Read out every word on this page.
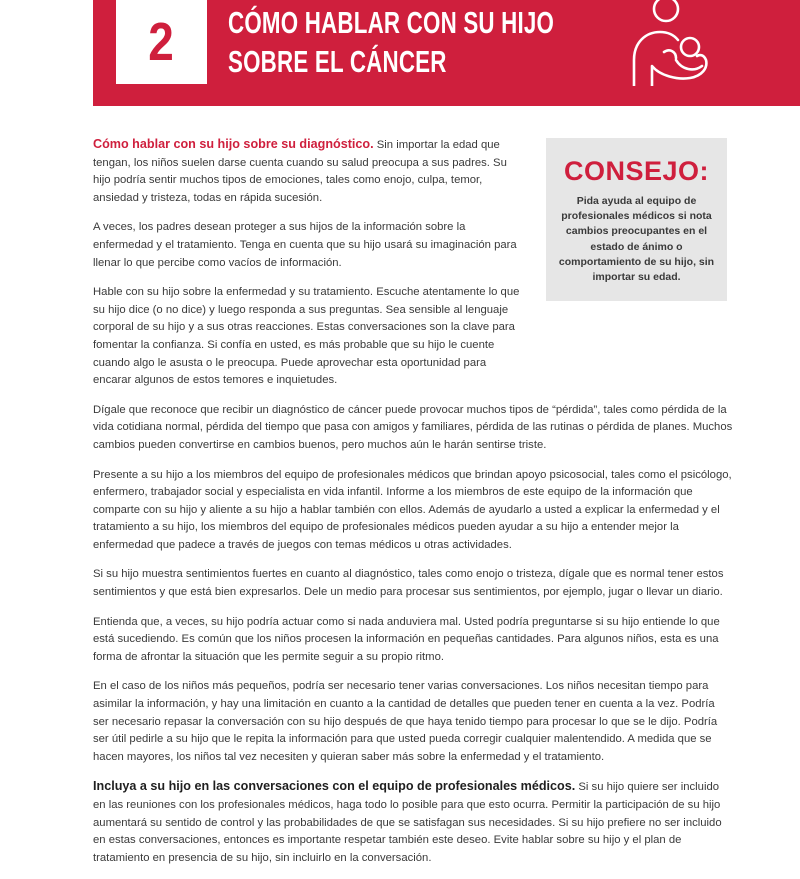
2 CÓMO HABLAR CON SU HIJO
SOBRE EL CÁNCER

CONSEJO:

Pida ayuda al equipo de profesionales médicos si nota cambios preocupantes en el estado de ánimo o comportamiento de su hijo, sin importar su edad.

Cómo hablar con su hijo sobre su diagnóstico. Sin importar la edad que tengan, los niños suelen darse cuenta cuando su salud preocupa a sus padres. Su hijo podría sentir muchos tipos de emociones, tales como enojo, culpa, temor, ansiedad y tristeza, todas en rápida sucesión.

A veces, los padres desean proteger a sus hijos de la información sobre la enfermedad y el tratamiento. Tenga en cuenta que su hijo usará su imaginación para llenar lo que percibe como vacíos de información.

Hable con su hijo sobre la enfermedad y su tratamiento. Escuche atentamente lo que su hijo dice (o no dice) y luego responda a sus preguntas. Sea sensible al lenguaje corporal de su hijo y a sus otras reacciones. Estas conversaciones son la clave para fomentar la confianza. Si confía en usted, es más probable que su hijo le cuente cuando algo le asusta o le preocupa. Puede aprovechar esta oportunidad para encarar algunos de estos temores e inquietudes.

Dígale que reconoce que recibir un diagnóstico de cáncer puede provocar muchos tipos de “pérdida”, tales como pérdida de la vida cotidiana normal, pérdida del tiempo que pasa con amigos y familiares, pérdida de las rutinas o pérdida de planes. Muchos cambios pueden convertirse en cambios buenos, pero muchos aún le harán sentirse triste.

Presente a su hijo a los miembros del equipo de profesionales médicos que brindan apoyo psicosocial, tales como el psicólogo, enfermero, trabajador social y especialista en vida infantil. Informe a los miembros de este equipo de la información que comparte con su hijo y aliente a su hijo a hablar también con ellos. Además de ayudarlo a usted a explicar la enfermedad y el tratamiento a su hijo, los miembros del equipo de profesionales médicos pueden ayudar a su hijo a entender mejor la enfermedad que padece a través de juegos con temas médicos u otras actividades.

Si su hijo muestra sentimientos fuertes en cuanto al diagnóstico, tales como enojo o tristeza, dígale que es normal tener estos sentimientos y que está bien expresarlos. Dele un medio para procesar sus sentimientos, por ejemplo, jugar o llevar un diario.

Entienda que, a veces, su hijo podría actuar como si nada anduviera mal. Usted podría preguntarse si su hijo entiende lo que está sucediendo. Es común que los niños procesen la información en pequeñas cantidades. Para algunos niños, esta es una forma de afrontar la situación que les permite seguir a su propio ritmo.

En el caso de los niños más pequeños, podría ser necesario tener varias conversaciones. Los niños necesitan tiempo para asimilar la información, y hay una limitación en cuanto a la cantidad de detalles que pueden tener en cuenta a la vez. Podría ser necesario repasar la conversación con su hijo después de que haya tenido tiempo para procesar lo que se le dijo. Podría ser útil pedirle a su hijo que le repita la información para que usted pueda corregir cualquier malentendido. A medida que se hacen mayores, los niños tal vez necesiten y quieran saber más sobre la enfermedad y el tratamiento.

Incluya a su hijo en las conversaciones con el equipo de profesionales médicos. Si su hijo quiere ser incluido en las reuniones con los profesionales médicos, haga todo lo posible para que esto ocurra. Permitir la participación de su hijo aumentará su sentido de control y las probabilidades de que se satisfagan sus necesidades. Si su hijo prefiere no ser incluido en estas conversaciones, entonces es importante respetar también este deseo. Evite hablar sobre su hijo y el plan de tratamiento en presencia de su hijo, sin incluirlo en la conversación.
